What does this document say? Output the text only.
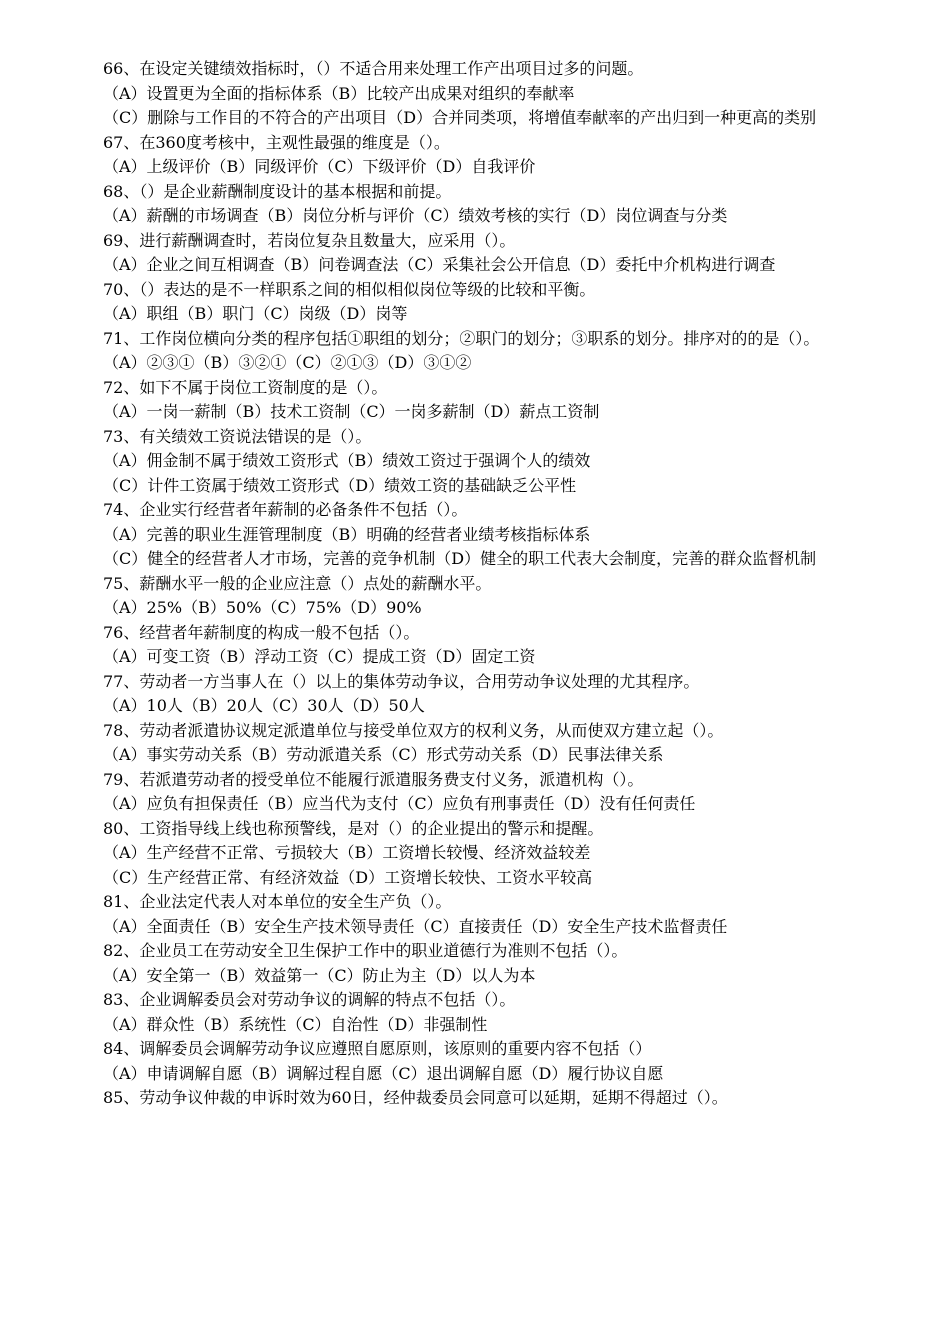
66、在设定关键绩效指标时，（）不适合用来处理工作产出项目过多的问题。

（A）设置更为全面的指标体系（B）比较产出成果对组织的奉献率

（C）删除与工作目的不符合的产出项目（D）合并同类项，将增值奉献率的产出归到一种更高的类别

67、在360度考核中，主观性最强的维度是（）。

（A）上级评价（B）同级评价（C）下级评价（D）自我评价

68、（）是企业薪酬制度设计的基本根据和前提。

（A）薪酬的市场调查（B）岗位分析与评价（C）绩效考核的实行（D）岗位调查与分类

69、进行薪酬调查时，若岗位复杂且数量大，应采用（）。

（A）企业之间互相调查（B）问卷调查法（C）采集社会公开信息（D）委托中介机构进行调查

70、（）表达的是不一样职系之间的相似相似岗位等级的比较和平衡。

（A）职组（B）职门（C）岗级（D）岗等

71、工作岗位横向分类的程序包括①职组的划分；②职门的划分；③职系的划分。排序对的的是（）。

（A）②③①（B）③②①（C）②①③（D）③①②

72、如下不属于岗位工资制度的是（）。

（A）一岗一薪制（B）技术工资制（C）一岗多薪制（D）薪点工资制

73、有关绩效工资说法错误的是（）。

（A）佣金制不属于绩效工资形式（B）绩效工资过于强调个人的绩效

（C）计件工资属于绩效工资形式（D）绩效工资的基础缺乏公平性

74、企业实行经营者年薪制的必备条件不包括（）。

（A）完善的职业生涯管理制度（B）明确的经营者业绩考核指标体系

（C）健全的经营者人才市场，完善的竞争机制（D）健全的职工代表大会制度，完善的群众监督机制

75、薪酬水平一般的企业应注意（）点处的薪酬水平。

（A）25%（B）50%（C）75%（D）90%

76、经营者年薪制度的构成一般不包括（）。

（A）可变工资（B）浮动工资（C）提成工资（D）固定工资

77、劳动者一方当事人在（）以上的集体劳动争议，合用劳动争议处理的尤其程序。

（A）10人（B）20人（C）30人（D）50人

78、劳动者派遣协议规定派遣单位与接受单位双方的权利义务，从而使双方建立起（）。

（A）事实劳动关系（B）劳动派遣关系（C）形式劳动关系（D）民事法律关系

79、若派遣劳动者的授受单位不能履行派遣服务费支付义务，派遣机构（）。

（A）应负有担保责任（B）应当代为支付（C）应负有刑事责任（D）没有任何责任

80、工资指导线上线也称预警线，是对（）的企业提出的警示和提醒。

（A）生产经营不正常、亏损较大（B）工资增长较慢、经济效益较差

（C）生产经营正常、有经济效益（D）工资增长较快、工资水平较高

81、企业法定代表人对本单位的安全生产负（）。

（A）全面责任（B）安全生产技术领导责任（C）直接责任（D）安全生产技术监督责任

82、企业员工在劳动安全卫生保护工作中的职业道德行为准则不包括（）。

（A）安全第一（B）效益第一（C）防止为主（D）以人为本

83、企业调解委员会对劳动争议的调解的特点不包括（）。

（A）群众性（B）系统性（C）自治性（D）非强制性

84、调解委员会调解劳动争议应遵照自愿原则，该原则的重要内容不包括（）

（A）申请调解自愿（B）调解过程自愿（C）退出调解自愿（D）履行协议自愿

85、劳动争议仲裁的申诉时效为60日，经仲裁委员会同意可以延期，延期不得超过（）。
